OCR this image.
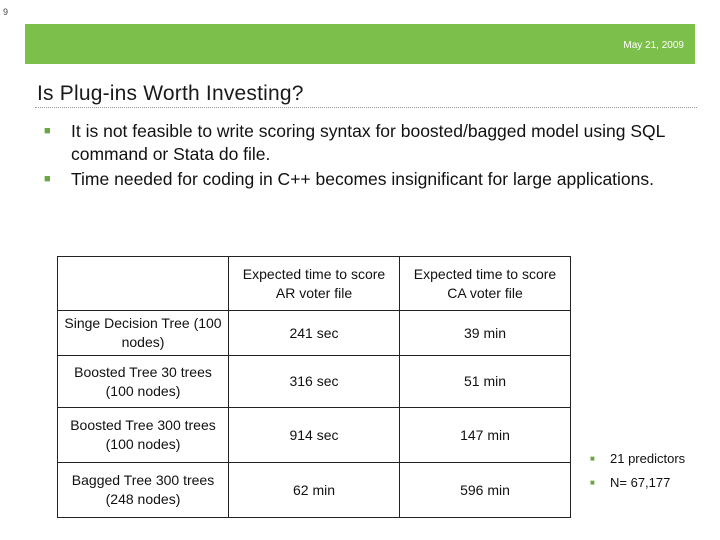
9
May 21, 2009
Is Plug-ins Worth Investing?
■ It is not feasible to write scoring syntax for boosted/bagged model using SQL command or Stata do file.
■ Time needed for coding in C++ becomes insignificant for large applications.
	Expected time to score AR voter file	Expected time to score CA voter file
Singe Decision Tree (100 nodes)	241 sec	39 min
Boosted Tree 30 trees (100 nodes)	316 sec	51 min
Boosted Tree 300 trees (100 nodes)	914 sec	147 min
Bagged Tree 300 trees (248 nodes)	62 min	596 min
■ 21 predictors
■ N= 67,177
